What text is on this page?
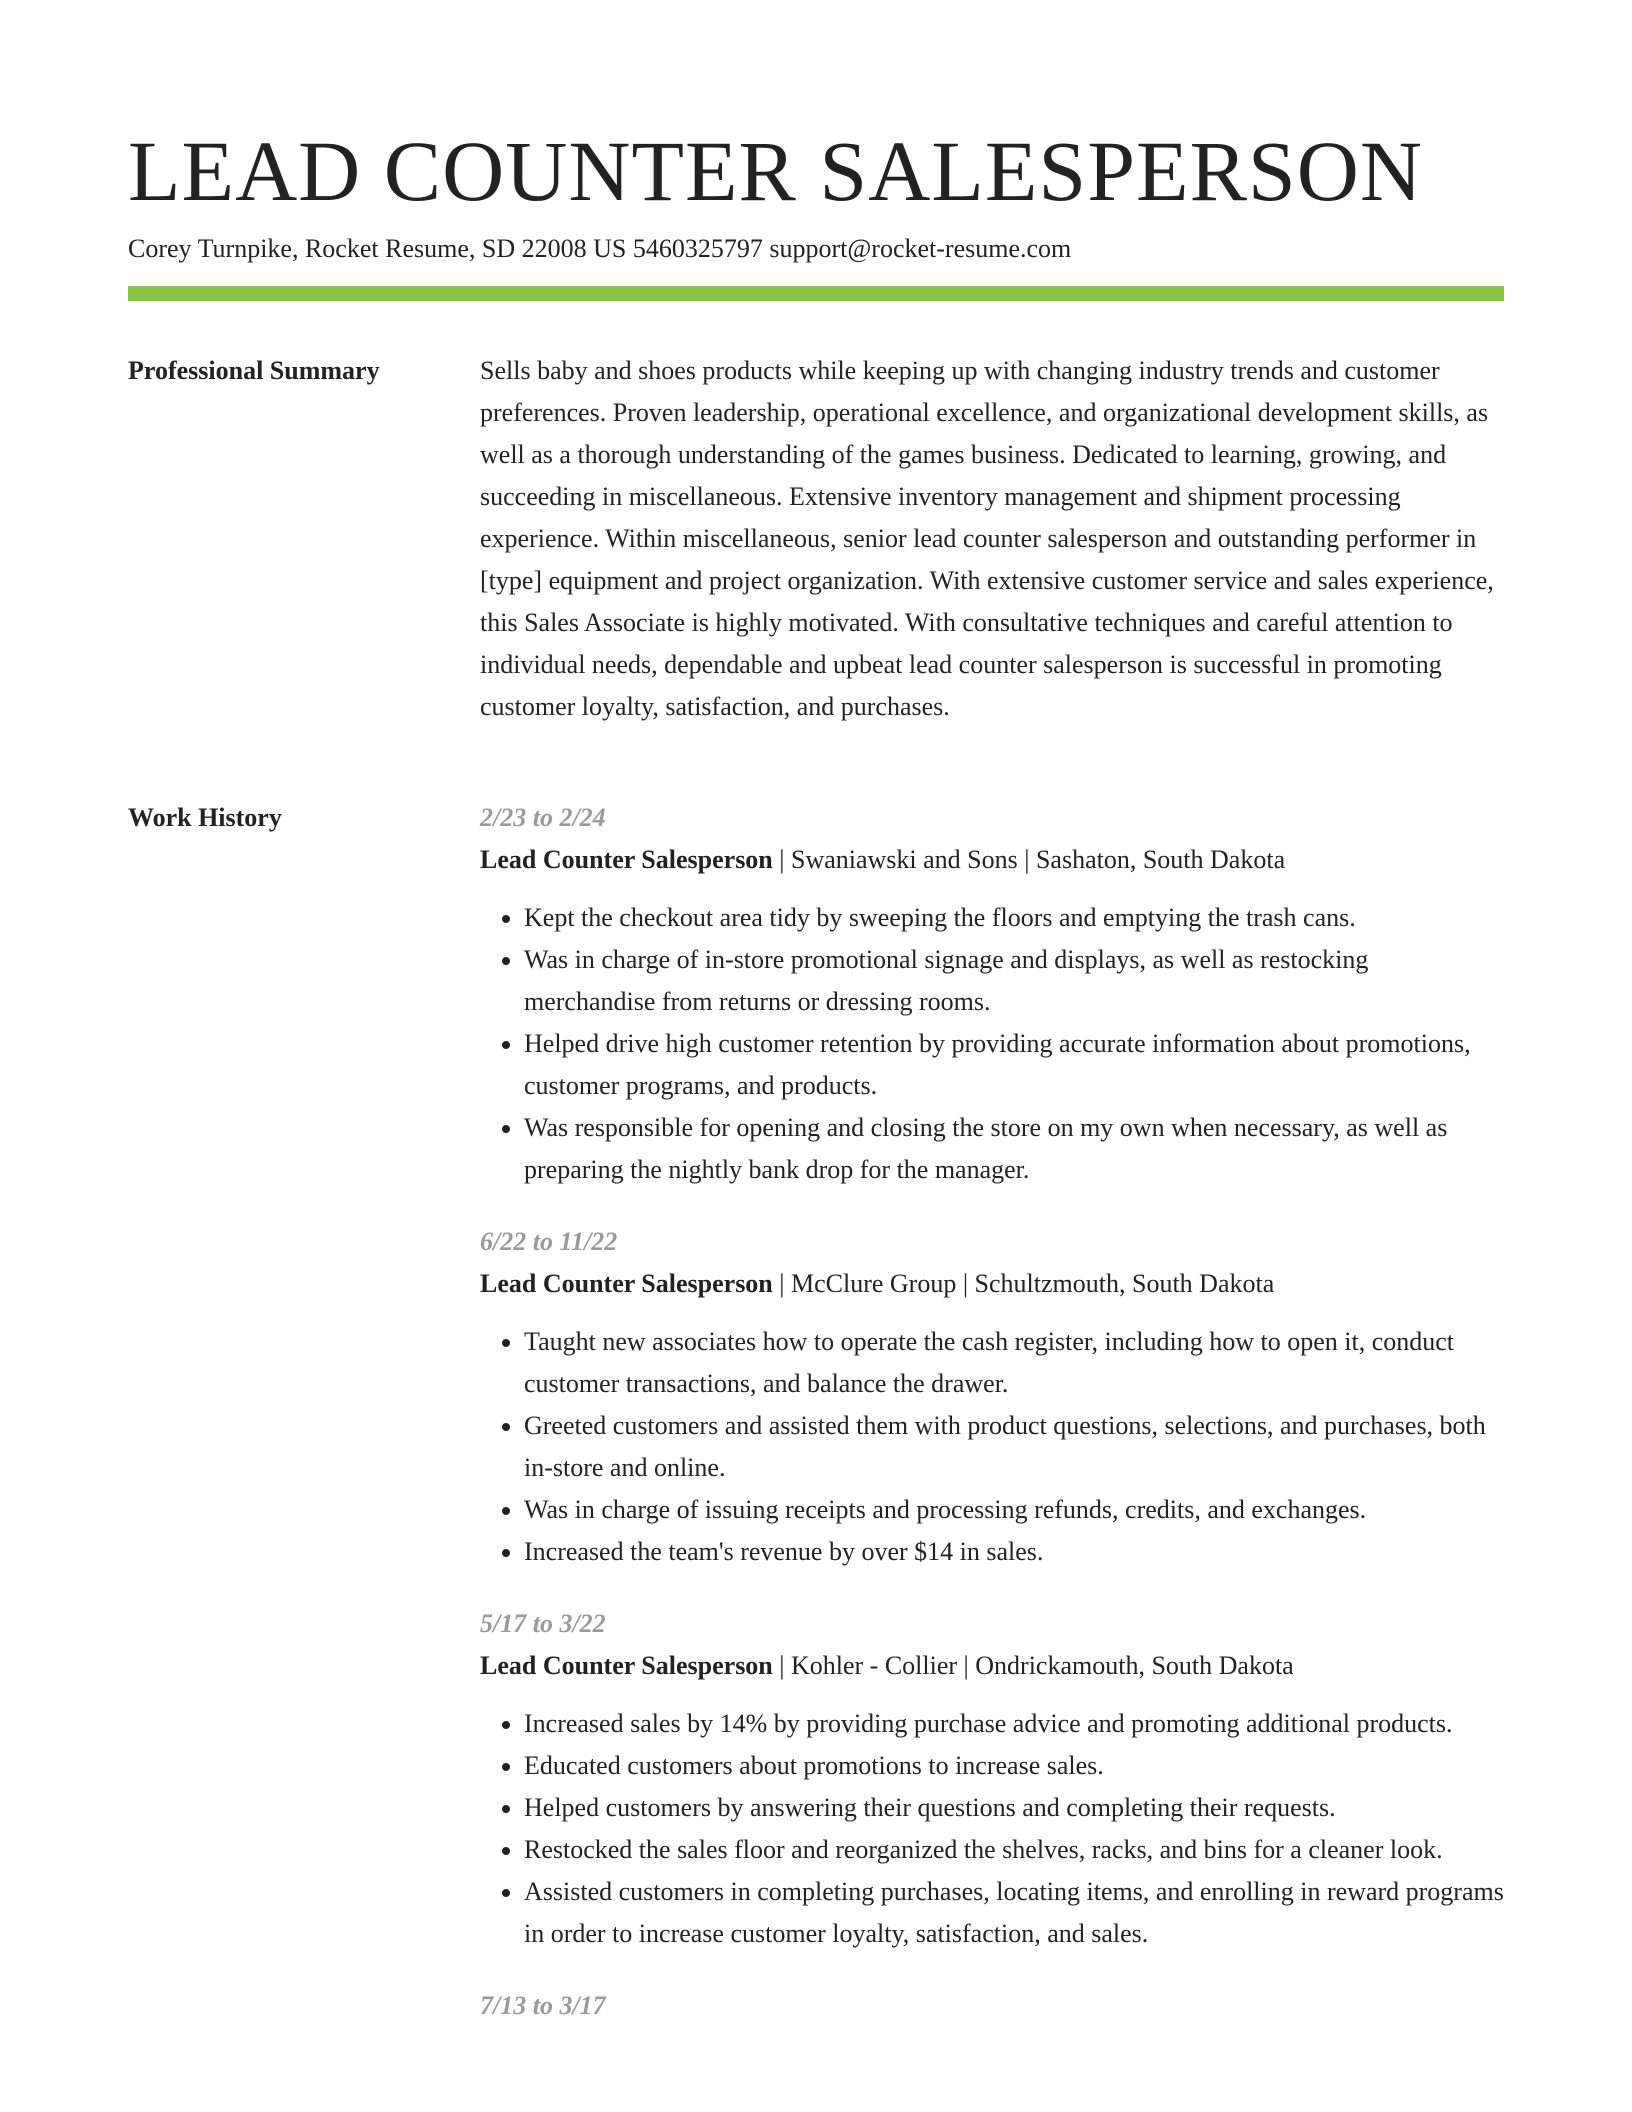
LEAD COUNTER SALESPERSON
Corey Turnpike, Rocket Resume, SD 22008 US 5460325797 support@rocket-resume.com
Professional Summary	Sells baby and shoes products while keeping up with changing industry trends and customer preferences. Proven leadership, operational excellence, and organizational development skills, as well as a thorough understanding of the games business. Dedicated to learning, growing, and succeeding in miscellaneous. Extensive inventory management and shipment processing experience. Within miscellaneous, senior lead counter salesperson and outstanding performer in [type] equipment and project organization. With extensive customer service and sales experience, this Sales Associate is highly motivated. With consultative techniques and careful attention to individual needs, dependable and upbeat lead counter salesperson is successful in promoting customer loyalty, satisfaction, and purchases.

Work History	2/23 to 2/24
Lead Counter Salesperson | Swaniawski and Sons | Sashaton, South Dakota
• Kept the checkout area tidy by sweeping the floors and emptying the trash cans.
• Was in charge of in-store promotional signage and displays, as well as restocking merchandise from returns or dressing rooms.
• Helped drive high customer retention by providing accurate information about promotions, customer programs, and products.
• Was responsible for opening and closing the store on my own when necessary, as well as preparing the nightly bank drop for the manager.
6/22 to 11/22
Lead Counter Salesperson | McClure Group | Schultzmouth, South Dakota
• Taught new associates how to operate the cash register, including how to open it, conduct customer transactions, and balance the drawer.
• Greeted customers and assisted them with product questions, selections, and purchases, both in-store and online.
• Was in charge of issuing receipts and processing refunds, credits, and exchanges.
• Increased the team's revenue by over $14 in sales.
5/17 to 3/22
Lead Counter Salesperson | Kohler - Collier | Ondrickamouth, South Dakota
• Increased sales by 14% by providing purchase advice and promoting additional products.
• Educated customers about promotions to increase sales.
• Helped customers by answering their questions and completing their requests.
• Restocked the sales floor and reorganized the shelves, racks, and bins for a cleaner look.
• Assisted customers in completing purchases, locating items, and enrolling in reward programs in order to increase customer loyalty, satisfaction, and sales.
7/13 to 3/17
